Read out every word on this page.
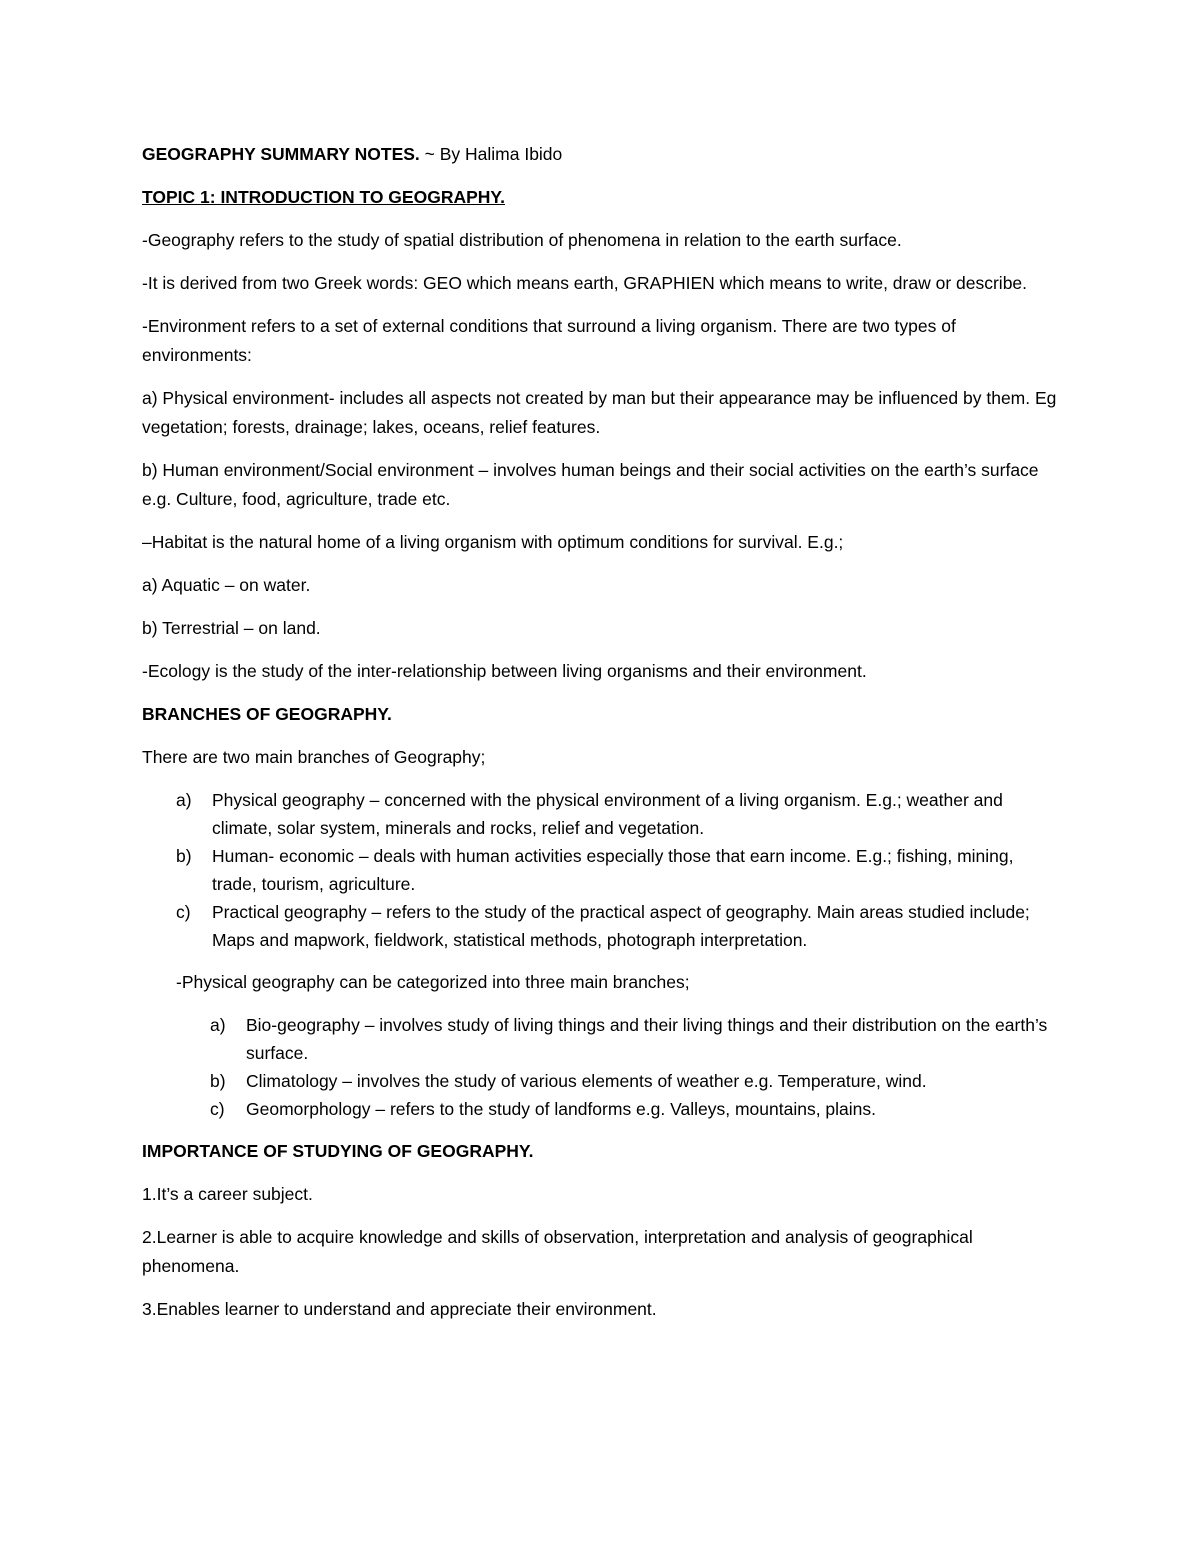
GEOGRAPHY SUMMARY NOTES. ~ By Halima Ibido

TOPIC 1: INTRODUCTION TO GEOGRAPHY.

-Geography refers to the study of spatial distribution of phenomena in relation to the earth surface.

-It is derived from two Greek words: GEO which means earth, GRAPHIEN which means to write, draw or describe.

-Environment refers to a set of external conditions that surround a living organism. There are two types of environments:

a) Physical environment- includes all aspects not created by man but their appearance may be influenced by them. Eg vegetation; forests, drainage; lakes, oceans, relief features.

b) Human environment/Social environment – involves human beings and their social activities on the earth’s surface e.g. Culture, food, agriculture, trade etc.

–Habitat is the natural home of a living organism with optimum conditions for survival. E.g.;

a) Aquatic – on water.

b) Terrestrial – on land.

-Ecology is the study of the inter-relationship between living organisms and their environment.

BRANCHES OF GEOGRAPHY.

There are two main branches of Geography;

a) Physical geography – concerned with the physical environment of a living organism. E.g.; weather and climate, solar system, minerals and rocks, relief and vegetation.
b) Human- economic – deals with human activities especially those that earn income. E.g.; fishing, mining, trade, tourism, agriculture.
c) Practical geography – refers to the study of the practical aspect of geography. Main areas studied include; Maps and mapwork, fieldwork, statistical methods, photograph interpretation.

-Physical geography can be categorized into three main branches;

a) Bio-geography – involves study of living things and their living things and their distribution on the earth’s surface.
b) Climatology – involves the study of various elements of weather e.g. Temperature, wind.
c) Geomorphology – refers to the study of landforms e.g. Valleys, mountains, plains.

IMPORTANCE OF STUDYING OF GEOGRAPHY.

1.It’s a career subject.

2.Learner is able to acquire knowledge and skills of observation, interpretation and analysis of geographical phenomena.

3.Enables learner to understand and appreciate their environment.
